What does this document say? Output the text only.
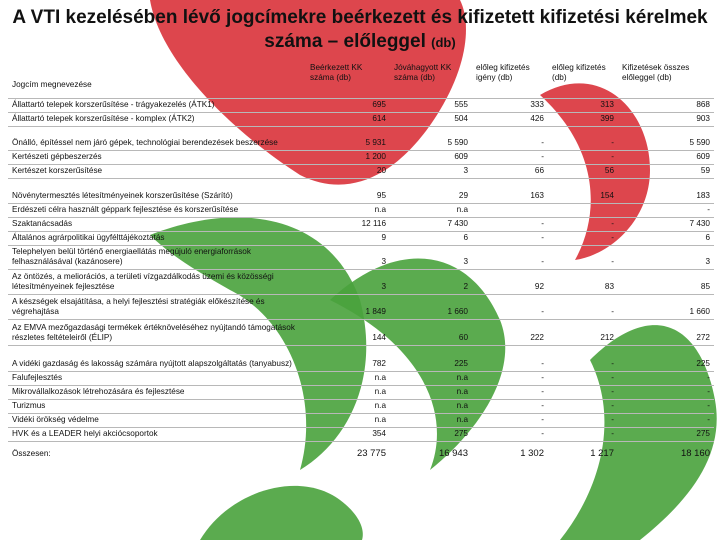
A VTI kezelésében lévő jogcímekre beérkezett és kifizetett kifizetési kérelmek száma – előleggel (db)
Jogcím megnevezése	Beérkezett KK száma (db)	Jóváhagyott KK száma (db)	előleg kifizetés igény (db)	előleg kifizetés (db)	Kifizetések összes előleggel (db)
Állattartó telepek korszerűsítése - trágyakezelés (ÁTK1)	695	555	333	313	868
Állattartó telepek korszerűsítése - komplex (ÁTK2)	614	504	426	399	903
Önálló, építéssel nem járó gépek, technológiai berendezések beszerzése	5 931	5 590	-	-	5 590
Kertészeti gépbeszerzés	1 200	609	-	-	609
Kertészet korszerűsítése	20	3	66	56	59
Növénytermesztés létesítményeinek korszerűsítése (Szárító)	95	29	163	154	183
Erdészeti célra használt géppark fejlesztése és korszerűsítése	n.a	n.a			-
Szaktanácsadás	12 116	7 430	-	-	7 430
Általános agrárpolitikai ügyfélttájékoztatás	9	6	-	-	6
Telephelyen belül történő energiaellátás megújuló energiaforrások felhasználásával (kazánosere)	3	3	-	-	3
Az öntözés, a meliorációs, a területi vízgazdálkodás üzemi és közösségi létesítményeinek fejlesztése	3	2	92	83	85
A készségek elsajátítása, a helyi fejlesztési stratégiák előkészítése és végrehajtása	1 849	1 660	-	-	1 660
Az EMVA mezőgazdasági termékek értéknöveléséhez nyújtandó támogatások részletes feltételeiről (ÉLIP)	144	60	222	212	272
A vidéki gazdaság és lakosság számára nyújtott alapszolgáltatás (tanyabusz)	782	225	-	-	225
Falufejlesztés	n.a	n.a	-	-	-
Mikrovállalkozások létrehozására és fejlesztése	n.a	n.a	-	-	-
Turizmus	n.a	n.a	-	-	-
Vidéki örökség védelme	n.a	n.a	-	-	-
HVK és a LEADER helyi akciócsoportok	354	275	-	-	275
Összesen:	23 775	16 943	1 302	1 217	18 160
